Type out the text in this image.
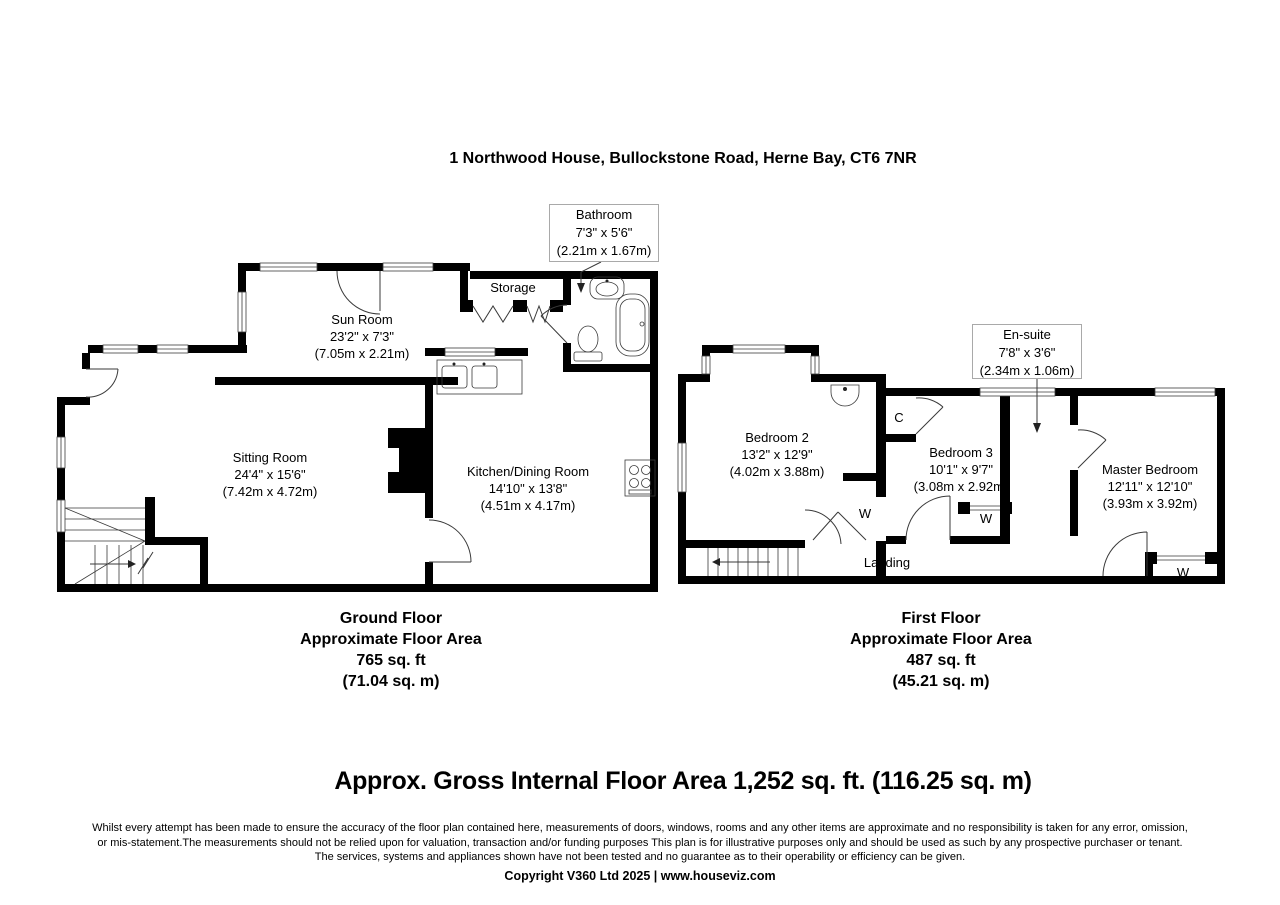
1 Northwood House, Bullockstone Road, Herne Bay, CT6 7NR
Bathroom
7'3" x 5'6"
(2.21m x 1.67m)
En-suite
7'8" x 3'6"
(2.34m x 1.06m)
Sun Room
23'2" x 7'3"
(7.05m x 2.21m)
Sitting Room
24'4" x 15'6"
(7.42m x 4.72m)
Kitchen/Dining Room
14'10" x 13'8"
(4.51m x 4.17m)
Storage
Bedroom 2
13'2" x 12'9"
(4.02m x 3.88m)
Bedroom 3
10'1" x 9'7"
(3.08m x 2.92m)
Master Bedroom
12'11" x 12'10"
(3.93m x 3.92m)
Landing
C
W	W
W
Ground Floor
Approximate Floor Area
765 sq. ft
(71.04 sq. m)
First Floor
Approximate Floor Area
487 sq. ft
(45.21 sq. m)
Approx. Gross Internal Floor Area 1,252 sq. ft. (116.25 sq. m)
Whilst every attempt has been made to ensure the accuracy of the floor plan contained here, measurements of doors, windows, rooms and any other items are approximate and no responsibility is taken for any error, omission,
or mis-statement.The measurements should not be relied upon for valuation, transaction and/or funding purposes This plan is for illustrative purposes only and should be used as such by any prospective purchaser or tenant.
The services, systems and appliances shown have not been tested and no guarantee as to their operability or efficiency can be given.
Copyright V360 Ltd 2025 | www.houseviz.com
